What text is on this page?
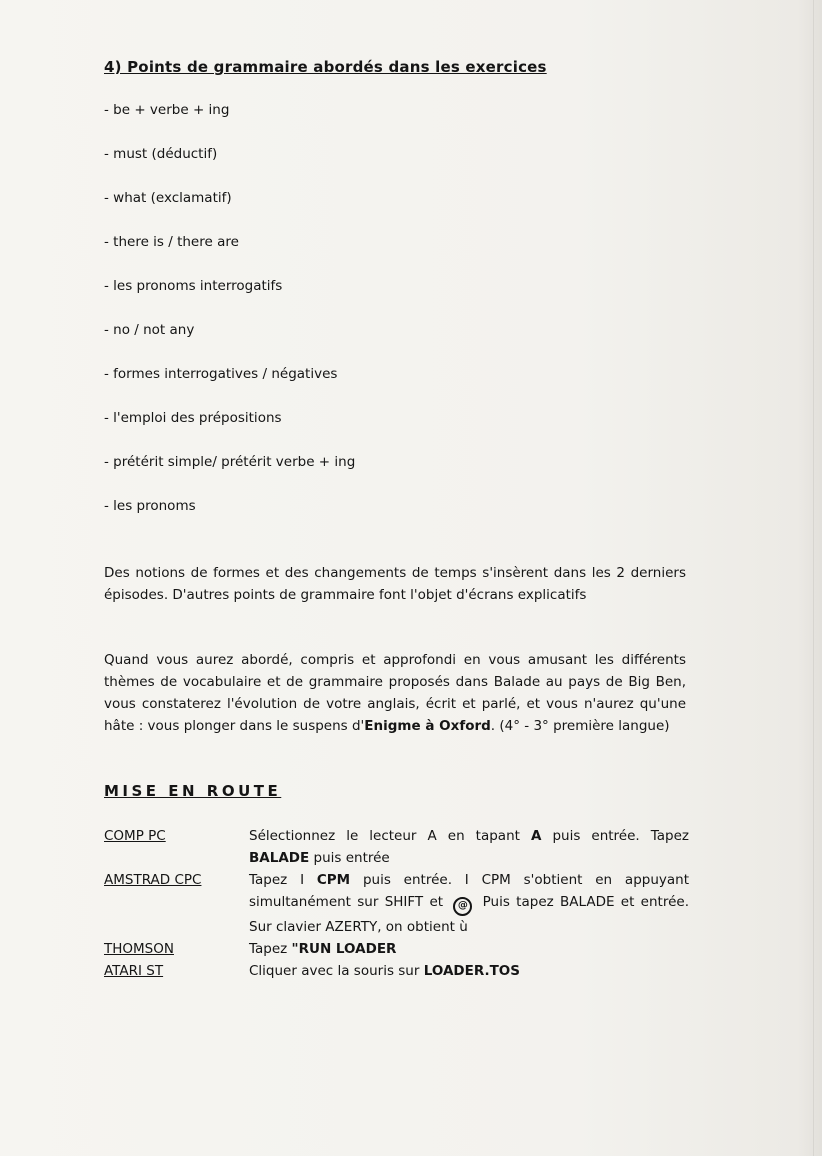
4) Points de grammaire abordés dans les exercices
- be + verbe + ing
- must (déductif)
- what (exclamatif)
- there is / there are
- les pronoms interrogatifs
- no / not any
- formes interrogatives / négatives
- l'emploi des prépositions
- prétérit simple/ prétérit verbe + ing
- les pronoms

Des notions de formes et des changements de temps s'insèrent dans les 2 derniers épisodes. D'autres points de grammaire font l'objet d'écrans explicatifs

Quand vous aurez abordé, compris et approfondi en vous amusant les différents thèmes de vocabulaire et de grammaire proposés dans Balade au pays de Big Ben, vous constaterez l'évolution de votre anglais, écrit et parlé, et vous n'aurez qu'une hâte : vous plonger dans le suspens d'Enigme à Oxford. (4° - 3° première langue)

MISE EN ROUTE
COMP PC	Sélectionnez le lecteur A en tapant A puis entrée. Tapez BALADE puis entrée
AMSTRAD CPC	Tapez I CPM puis entrée. I CPM s'obtient en appuyant simultanément sur SHIFT et @ Puis tapez BALADE et entrée. Sur clavier AZERTY, on obtient ù
THOMSON	Tapez "RUN LOADER
ATARI ST	Cliquer avec la souris sur LOADER.TOS
